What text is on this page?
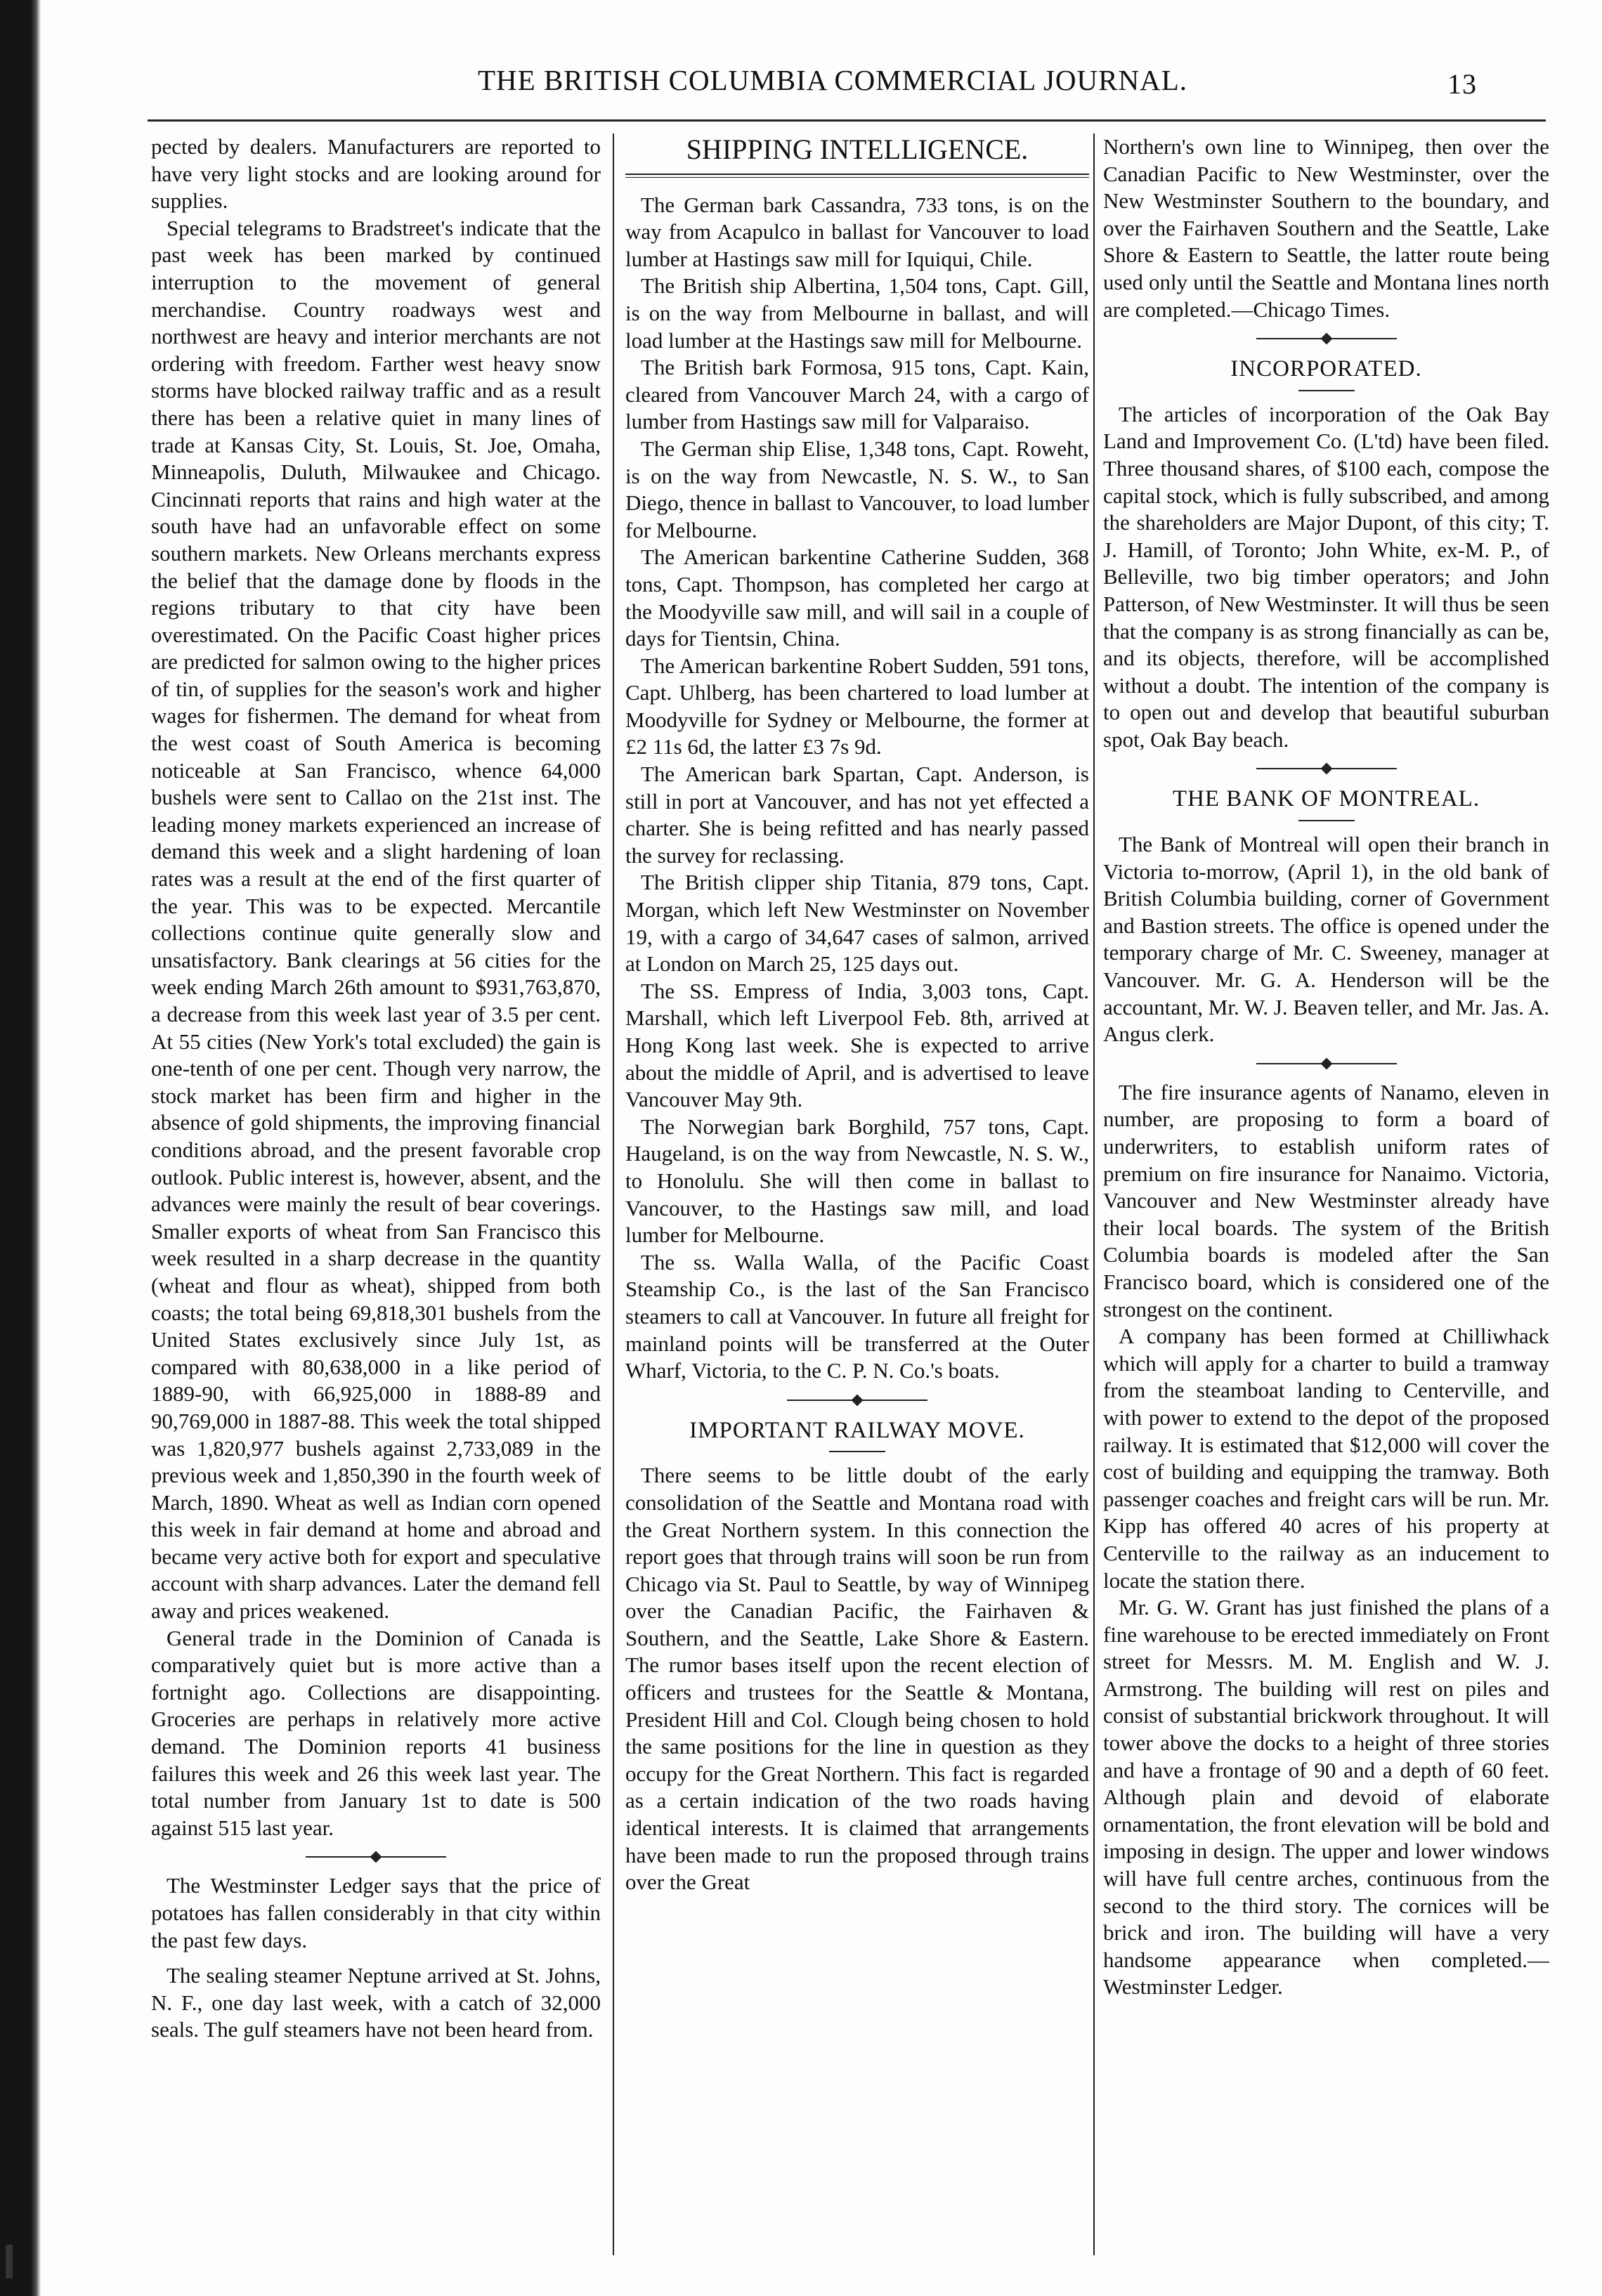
THE BRITISH COLUMBIA COMMERCIAL JOURNAL.	13

pected by dealers. Manufacturers are reported to have very light stocks and are looking around for supplies.

Special telegrams to Bradstreet's indicate that the past week has been marked by continued interruption to the movement of general merchandise. Country roadways west and northwest are heavy and interior merchants are not ordering with freedom. Farther west heavy snow storms have blocked railway traffic and as a result there has been a relative quiet in many lines of trade at Kansas City, St. Louis, St. Joe, Omaha, Minneapolis, Duluth, Milwaukee and Chicago. Cincinnati reports that rains and high water at the south have had an unfavorable effect on some southern markets. New Orleans merchants express the belief that the damage done by floods in the regions tributary to that city have been overestimated. On the Pacific Coast higher prices are predicted for salmon owing to the higher prices of tin, of supplies for the season's work and higher wages for fishermen. The demand for wheat from the west coast of South America is becoming noticeable at San Francisco, whence 64,000 bushels were sent to Callao on the 21st inst. The leading money markets experienced an increase of demand this week and a slight hardening of loan rates was a result at the end of the first quarter of the year. This was to be expected. Mercantile collections continue quite generally slow and unsatisfactory. Bank clearings at 56 cities for the week ending March 26th amount to $931,763,870, a decrease from this week last year of 3.5 per cent. At 55 cities (New York's total excluded) the gain is one-tenth of one per cent. Though very narrow, the stock market has been firm and higher in the absence of gold shipments, the improving financial conditions abroad, and the present favorable crop outlook. Public interest is, however, absent, and the advances were mainly the result of bear coverings. Smaller exports of wheat from San Francisco this week resulted in a sharp decrease in the quantity (wheat and flour as wheat), shipped from both coasts; the total being 69,818,301 bushels from the United States exclusively since July 1st, as compared with 80,638,000 in a like period of 1889-90, with 66,925,000 in 1888-89 and 90,769,000 in 1887-88. This week the total shipped was 1,820,977 bushels against 2,733,089 in the previous week and 1,850,390 in the fourth week of March, 1890. Wheat as well as Indian corn opened this week in fair demand at home and abroad and became very active both for export and speculative account with sharp advances. Later the demand fell away and prices weakened.

General trade in the Dominion of Canada is comparatively quiet but is more active than a fortnight ago. Collections are disappointing. Groceries are perhaps in relatively more active demand. The Dominion reports 41 business failures this week and 26 this week last year. The total number from January 1st to date is 500 against 515 last year.

The Westminster Ledger says that the price of potatoes has fallen considerably in that city within the past few days.

The sealing steamer Neptune arrived at St. Johns, N. F., one day last week, with a catch of 32,000 seals. The gulf steamers have not been heard from.

SHIPPING INTELLIGENCE.

The German bark Cassandra, 733 tons, is on the way from Acapulco in ballast for Vancouver to load lumber at Hastings saw mill for Iquiqui, Chile.

The British ship Albertina, 1,504 tons, Capt. Gill, is on the way from Melbourne in ballast, and will load lumber at the Hastings saw mill for Melbourne.

The British bark Formosa, 915 tons, Capt. Kain, cleared from Vancouver March 24, with a cargo of lumber from Hastings saw mill for Valparaiso.

The German ship Elise, 1,348 tons, Capt. Roweht, is on the way from Newcastle, N. S. W., to San Diego, thence in ballast to Vancouver, to load lumber for Melbourne.

The American barkentine Catherine Sudden, 368 tons, Capt. Thompson, has completed her cargo at the Moodyville saw mill, and will sail in a couple of days for Tientsin, China.

The American barkentine Robert Sudden, 591 tons, Capt. Uhlberg, has been chartered to load lumber at Moodyville for Sydney or Melbourne, the former at £2 11s 6d, the latter £3 7s 9d.

The American bark Spartan, Capt. Anderson, is still in port at Vancouver, and has not yet effected a charter. She is being refitted and has nearly passed the survey for reclassing.

The British clipper ship Titania, 879 tons, Capt. Morgan, which left New Westminster on November 19, with a cargo of 34,647 cases of salmon, arrived at London on March 25, 125 days out.

The SS. Empress of India, 3,003 tons, Capt. Marshall, which left Liverpool Feb. 8th, arrived at Hong Kong last week. She is expected to arrive about the middle of April, and is advertised to leave Vancouver May 9th.

The Norwegian bark Borghild, 757 tons, Capt. Haugeland, is on the way from Newcastle, N. S. W., to Honolulu. She will then come in ballast to Vancouver, to the Hastings saw mill, and load lumber for Melbourne.

The ss. Walla Walla, of the Pacific Coast Steamship Co., is the last of the San Francisco steamers to call at Vancouver. In future all freight for mainland points will be transferred at the Outer Wharf, Victoria, to the C. P. N. Co.'s boats.

IMPORTANT RAILWAY MOVE.

There seems to be little doubt of the early consolidation of the Seattle and Montana road with the Great Northern system. In this connection the report goes that through trains will soon be run from Chicago via St. Paul to Seattle, by way of Winnipeg over the Canadian Pacific, the Fairhaven & Southern, and the Seattle, Lake Shore & Eastern. The rumor bases itself upon the recent election of officers and trustees for the Seattle & Montana, President Hill and Col. Clough being chosen to hold the same positions for the line in question as they occupy for the Great Northern. This fact is regarded as a certain indication of the two roads having identical interests. It is claimed that arrangements have been made to run the proposed through trains over the Great

Northern's own line to Winnipeg, then over the Canadian Pacific to New Westminster, over the New Westminster Southern to the boundary, and over the Fairhaven Southern and the Seattle, Lake Shore & Eastern to Seattle, the latter route being used only until the Seattle and Montana lines north are completed.—Chicago Times.

INCORPORATED.

The articles of incorporation of the Oak Bay Land and Improvement Co. (L'td) have been filed. Three thousand shares, of $100 each, compose the capital stock, which is fully subscribed, and among the shareholders are Major Dupont, of this city; T. J. Hamill, of Toronto; John White, ex-M. P., of Belleville, two big timber operators; and John Patterson, of New Westminster. It will thus be seen that the company is as strong financially as can be, and its objects, therefore, will be accomplished without a doubt. The intention of the company is to open out and develop that beautiful suburban spot, Oak Bay beach.

THE BANK OF MONTREAL.

The Bank of Montreal will open their branch in Victoria to-morrow, (April 1), in the old bank of British Columbia building, corner of Government and Bastion streets. The office is opened under the temporary charge of Mr. C. Sweeney, manager at Vancouver. Mr. G. A. Henderson will be the accountant, Mr. W. J. Beaven teller, and Mr. Jas. A. Angus clerk.

The fire insurance agents of Nanamo, eleven in number, are proposing to form a board of underwriters, to establish uniform rates of premium on fire insurance for Nanaimo. Victoria, Vancouver and New Westminster already have their local boards. The system of the British Columbia boards is modeled after the San Francisco board, which is considered one of the strongest on the continent.

A company has been formed at Chilliwhack which will apply for a charter to build a tramway from the steamboat landing to Centerville, and with power to extend to the depot of the proposed railway. It is estimated that $12,000 will cover the cost of building and equipping the tramway. Both passenger coaches and freight cars will be run. Mr. Kipp has offered 40 acres of his property at Centerville to the railway as an inducement to locate the station there.

Mr. G. W. Grant has just finished the plans of a fine warehouse to be erected immediately on Front street for Messrs. M. M. English and W. J. Armstrong. The building will rest on piles and consist of substantial brickwork throughout. It will tower above the docks to a height of three stories and have a frontage of 90 and a depth of 60 feet. Although plain and devoid of elaborate ornamentation, the front elevation will be bold and imposing in design. The upper and lower windows will have full centre arches, continuous from the second to the third story. The cornices will be brick and iron. The building will have a very handsome appearance when completed.—Westminster Ledger.
